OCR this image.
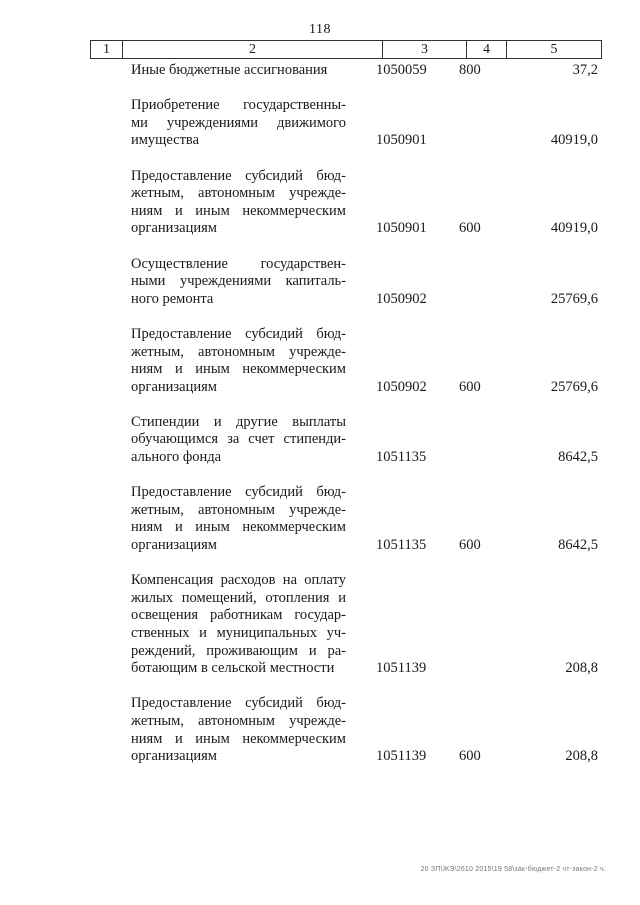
118
1	2	3	4	5
Иные бюджетные ассигнования	1050059 800	37,2
Приобретение государственны-
ми учреждениями движимого
имущества	1050901	40919,0
Предоставление субсидий бюд-
жетным, автономным учрежде-
ниям и иным некоммерческим
организациям	1050901 600	40919,0
Осуществление государствен-
ными учреждениями капиталь-
ного ремонта	1050902	25769,6
Предоставление субсидий бюд-
жетным, автономным учрежде-
ниям и иным некоммерческим
организациям	1050902 600	25769,6
Стипендии и другие выплаты
обучающимся за счет стипенди-
ального фонда	1051135	8642,5
Предоставление субсидий бюд-
жетным, автономным учрежде-
ниям и иным некоммерческим
организациям	1051135 600	8642,5
Компенсация расходов на оплату
жилых помещений, отопления и
освещения работникам государ-
ственных и муниципальных уч-
реждений, проживающим и ра-
ботающим в сельской местности	1051139	208,8
Предоставление субсидий бюд-
жетным, автономным учрежде-
ниям и иным некоммерческим
организациям	1051139 600	208,8
20 ЗП\ЖЭ\2610 2015\19 58\зак-бюджет-2 чт-закон-2 ч.
